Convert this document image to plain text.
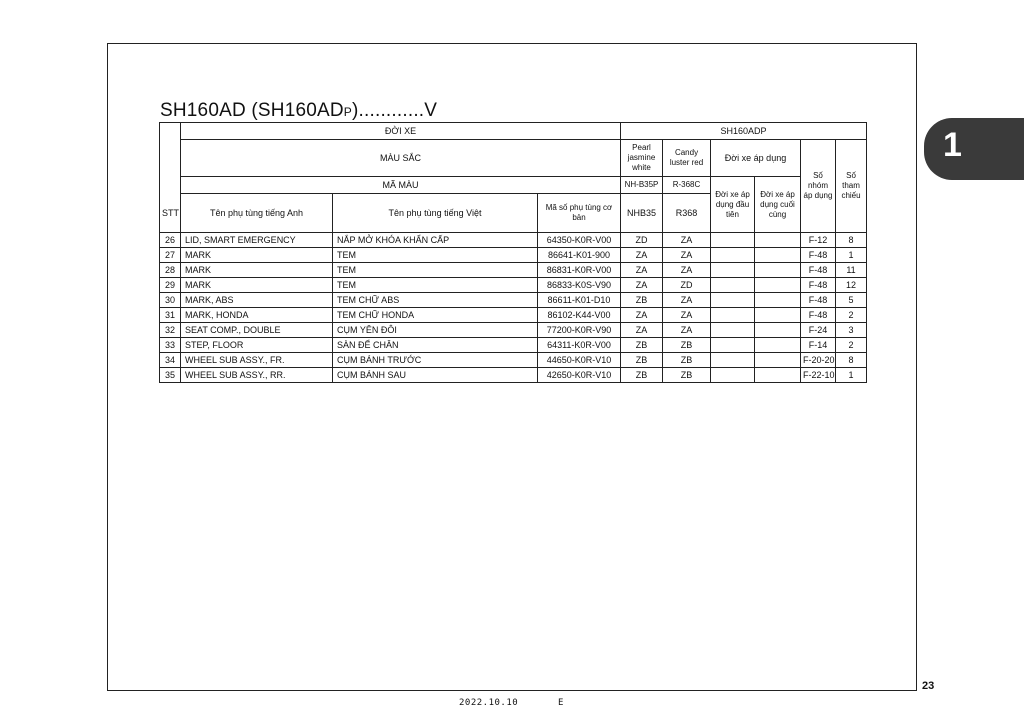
SH160AD (SH160ADP)............V
STT	ĐỜI XE			SH160ADP					
	MÀU SẮC			Pearl jasmine white	Candy luster red	Đời xe áp dụng		Số nhóm áp dụng	Số tham chiếu
	MÃ MÀU			NH-B35P	R-368C	Đời xe áp dụng đầu tiên	Đời xe áp dụng cuối cùng		
	Tên phụ tùng tiếng Anh	Tên phụ tùng tiếng Việt	Mã số phụ tùng cơ bản	NHB35	R368				
26	LID, SMART EMERGENCY	NẮP MỞ KHÓA KHẨN CẤP	64350-K0R-V00	ZD	ZA			F-12	8
27	MARK	TEM	86641-K01-900	ZA	ZA			F-48	1
28	MARK	TEM	86831-K0R-V00	ZA	ZA			F-48	11
29	MARK	TEM	86833-K0S-V90	ZA	ZD			F-48	12
30	MARK, ABS	TEM CHỮ ABS	86611-K01-D10	ZB	ZA			F-48	5
31	MARK, HONDA	TEM CHỮ HONDA	86102-K44-V00	ZA	ZA			F-48	2
32	SEAT COMP., DOUBLE	CỤM YÊN ĐÔI	77200-K0R-V90	ZA	ZA			F-24	3
33	STEP, FLOOR	SÀN ĐỂ CHÂN	64311-K0R-V00	ZB	ZB			F-14	2
34	WHEEL SUB ASSY., FR.	CỤM BÁNH TRƯỚC	44650-K0R-V10	ZB	ZB			F-20-20	8
35	WHEEL SUB ASSY., RR.	CỤM BÁNH SAU	42650-K0R-V10	ZB	ZB			F-22-10	1
1
23
2022.10.10	E
